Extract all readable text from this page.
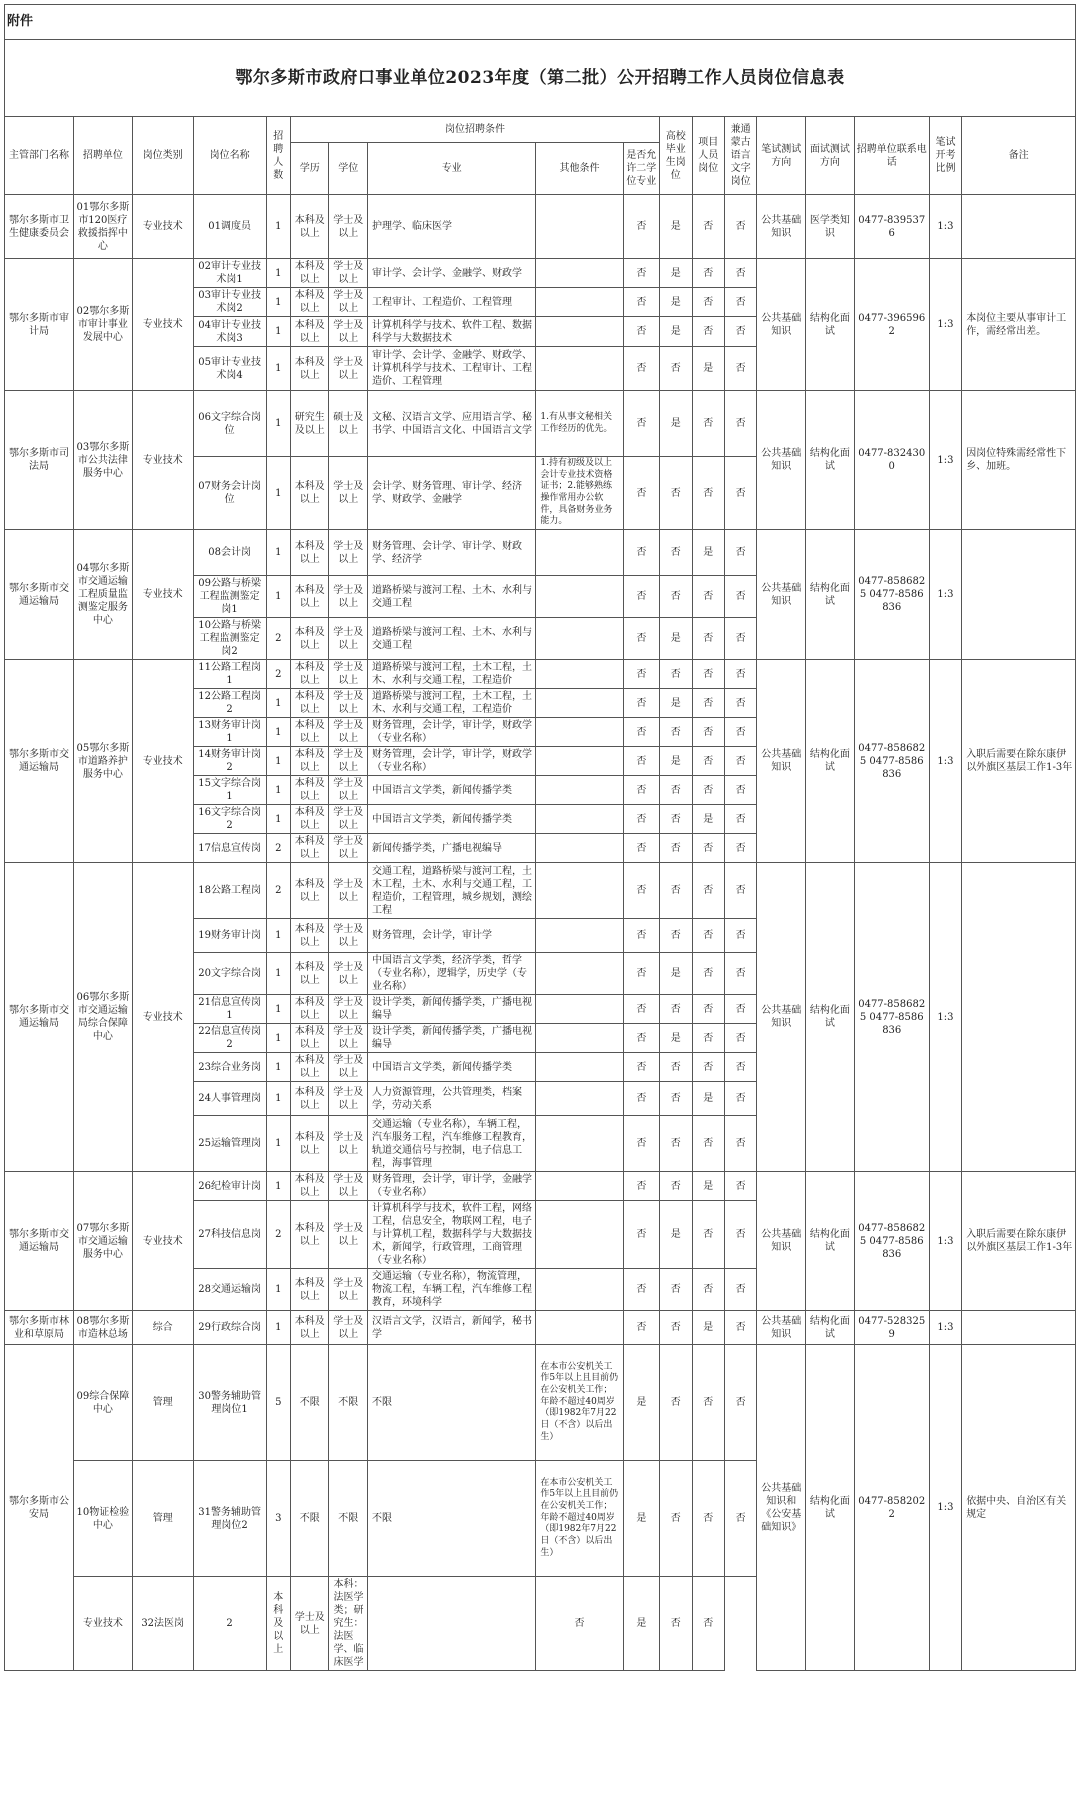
附件																	
鄂尔多斯市政府口事业单位2023年度（第二批）公开招聘工作人员岗位信息表																	
主管部门名称	招聘单位	岗位类别	岗位名称	招聘人数	岗位招聘条件					高校毕业生岗位	项目人员岗位	兼通蒙古语言文字岗位	笔试测试方向	面试测试方向	招聘单位联系电话	笔试开考比例	备注
					学历	学位	专业	其他条件	是否允许二学位专业								
鄂尔多斯市卫生健康委员会	01鄂尔多斯市120医疗救援指挥中心	专业技术	01调度员	1	本科及以上	学士及以上	护理学、临床医学		否	是	否	否	公共基础知识	医学类知识	0477-8395376	1:3	
鄂尔多斯市审计局	02鄂尔多斯市审计事业发展中心	专业技术	02审计专业技术岗1	1	本科及以上	学士及以上	审计学、会计学、金融学、财政学		否	是	否	否	公共基础知识	结构化面试	0477-3965962	1:3	本岗位主要从事审计工作，需经常出差。
			03审计专业技术岗2	1	本科及以上	学士及以上	工程审计、工程造价、工程管理		否	是	否	否					
			04审计专业技术岗3	1	本科及以上	学士及以上	计算机科学与技术、软件工程、数据科学与大数据技术		否	是	否	否					
			05审计专业技术岗4	1	本科及以上	学士及以上	审计学、会计学、金融学、财政学、计算机科学与技术、工程审计、工程造价、工程管理		否	否	是	否					
鄂尔多斯市司法局	03鄂尔多斯市公共法律服务中心	专业技术	06文字综合岗位	1	研究生及以上	硕士及以上	文秘、汉语言文学、应用语言学、秘书学、中国语言文化、中国语言文学	1.有从事文秘相关工作经历的优先。	否	是	否	否	公共基础知识	结构化面试	0477-8324300	1:3	因岗位特殊需经常性下乡、加班。
			07财务会计岗位	1	本科及以上	学士及以上	会计学、财务管理、审计学、经济学、财政学、金融学	1.持有初级及以上会计专业技术资格证书；2.能够熟练操作常用办公软件，具备财务业务能力。	否	否	否	否					
鄂尔多斯市交通运输局	04鄂尔多斯市交通运输工程质量监测鉴定服务中心	专业技术	08会计岗	1	本科及以上	学士及以上	财务管理、会计学、审计学、财政学、经济学		否	否	是	否	公共基础知识	结构化面试	0477-8586825 0477-8586836	1:3	
			09公路与桥梁工程监测鉴定岗1	1	本科及以上	学士及以上	道路桥梁与渡河工程、土木、水利与交通工程		否	否	否	否					
			10公路与桥梁工程监测鉴定岗2	2	本科及以上	学士及以上	道路桥梁与渡河工程、土木、水利与交通工程		否	是	否	否					
鄂尔多斯市交通运输局	05鄂尔多斯市道路养护服务中心	专业技术	11公路工程岗1	2	本科及以上	学士及以上	道路桥梁与渡河工程，土木工程，土木、水利与交通工程，工程造价		否	否	否	否	公共基础知识	结构化面试	0477-8586825 0477-8586836	1:3	入职后需要在除东康伊以外旗区基层工作1-3年
			12公路工程岗2	1	本科及以上	学士及以上	道路桥梁与渡河工程，土木工程，土木、水利与交通工程，工程造价		否	是	否	否					
			13财务审计岗1	1	本科及以上	学士及以上	财务管理，会计学，审计学，财政学（专业名称）		否	否	否	否					
			14财务审计岗2	1	本科及以上	学士及以上	财务管理，会计学，审计学，财政学（专业名称）		否	是	否	否					
			15文字综合岗1	1	本科及以上	学士及以上	中国语言文学类，新闻传播学类		否	否	否	否					
			16文字综合岗2	1	本科及以上	学士及以上	中国语言文学类，新闻传播学类		否	否	是	否					
			17信息宣传岗	2	本科及以上	学士及以上	新闻传播学类，广播电视编导		否	否	否	否					
鄂尔多斯市交通运输局	06鄂尔多斯市交通运输局综合保障中心	专业技术	18公路工程岗	2	本科及以上	学士及以上	交通工程，道路桥梁与渡河工程，土木工程，土木、水利与交通工程，工程造价，工程管理，城乡规划，测绘工程		否	否	否	否	公共基础知识	结构化面试	0477-8586825 0477-8586836	1:3	
			19财务审计岗	1	本科及以上	学士及以上	财务管理，会计学，审计学		否	否	否	否					
			20文字综合岗	1	本科及以上	学士及以上	中国语言文学类，经济学类，哲学（专业名称），逻辑学，历史学（专业名称）		否	是	否	否					
			21信息宣传岗1	1	本科及以上	学士及以上	设计学类，新闻传播学类，广播电视编导		否	否	否	否					
			22信息宣传岗2	1	本科及以上	学士及以上	设计学类，新闻传播学类，广播电视编导		否	是	否	否					
			23综合业务岗	1	本科及以上	学士及以上	中国语言文学类，新闻传播学类		否	否	否	否					
			24人事管理岗	1	本科及以上	学士及以上	人力资源管理，公共管理类，档案学，劳动关系		否	否	是	否					
			25运输管理岗	1	本科及以上	学士及以上	交通运输（专业名称），车辆工程，汽车服务工程，汽车维修工程教育，轨道交通信号与控制，电子信息工程，海事管理		否	否	否	否					
鄂尔多斯市交通运输局	07鄂尔多斯市交通运输服务中心	专业技术	26纪检审计岗	1	本科及以上	学士及以上	财务管理，会计学，审计学，金融学（专业名称）		否	否	是	否	公共基础知识	结构化面试	0477-8586825 0477-8586836	1:3	入职后需要在除东康伊以外旗区基层工作1-3年
			27科技信息岗	2	本科及以上	学士及以上	计算机科学与技术，软件工程，网络工程，信息安全，物联网工程，电子与计算机工程，数据科学与大数据技术，新闻学，行政管理，工商管理（专业名称）		否	是	否	否					
			28交通运输岗	1	本科及以上	学士及以上	交通运输（专业名称），物流管理，物流工程，车辆工程，汽车维修工程教育，环境科学		否	否	否	否					
鄂尔多斯市林业和草原局	08鄂尔多斯市造林总场	综合	29行政综合岗	1	本科及以上	学士及以上	汉语言文学，汉语言，新闻学，秘书学		否	否	是	否	公共基础知识	结构化面试	0477-5283259	1:3	
鄂尔多斯市公安局	09综合保障中心	管理	30警务辅助管理岗位1	5	不限	不限	不限	在本市公安机关工作5年以上且目前仍在公安机关工作；年龄不超过40周岁（即1982年7月22日（不含）以后出生）	是	否	否	否	公共基础知识和《公安基础知识》	结构化面试	0477-8582022	1:3	依据中央、自治区有关规定
	10物证检验中心	管理	31警务辅助管理岗位2	3	不限	不限	不限	在本市公安机关工作5年以上且目前仍在公安机关工作；年龄不超过40周岁（即1982年7月22日（不含）以后出生）	是	否	否	否					
	专业技术	32法医岗	2	本科及以上	学士及以上	本科：法医学类；研究生：法医学、临床医学		否	是	否	否						
